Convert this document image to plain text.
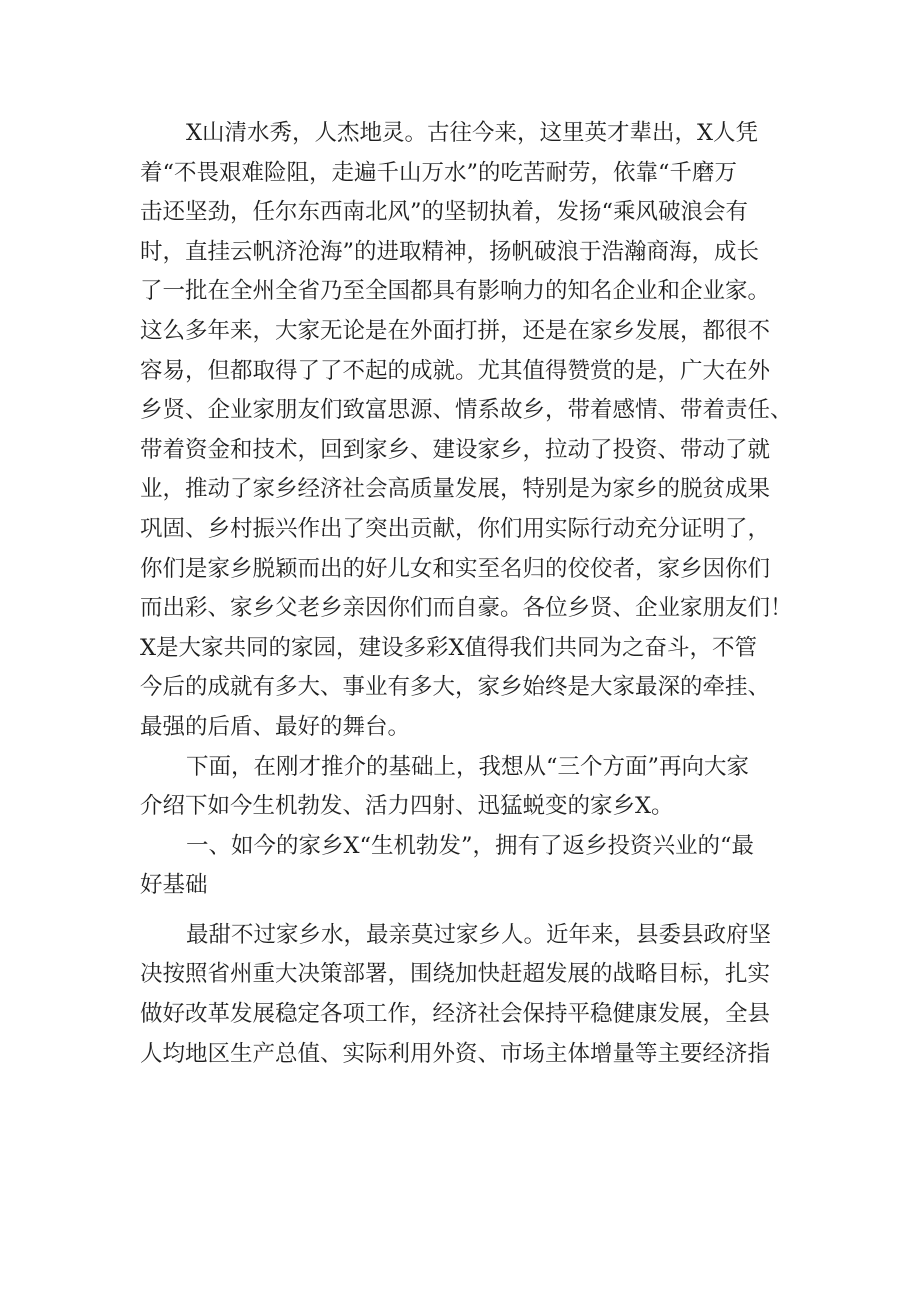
X山清水秀，人杰地灵。古往今来，这里英才辈出，X人凭
着“不畏艰难险阻，走遍千山万水”的吃苦耐劳，依靠“千磨万
击还坚劲，任尔东西南北风”的坚韧执着，发扬“乘风破浪会有
时，直挂云帆济沧海”的进取精神，扬帆破浪于浩瀚商海，成长
了一批在全州全省乃至全国都具有影响力的知名企业和企业家。
这么多年来，大家无论是在外面打拼，还是在家乡发展，都很不
容易，但都取得了了不起的成就。尤其值得赞赏的是，广大在外
乡贤、企业家朋友们致富思源、情系故乡，带着感情、带着责任、
带着资金和技术，回到家乡、建设家乡，拉动了投资、带动了就
业，推动了家乡经济社会高质量发展，特别是为家乡的脱贫成果
巩固、乡村振兴作出了突出贡献，你们用实际行动充分证明了，
你们是家乡脱颖而出的好儿女和实至名归的佼佼者，家乡因你们
而出彩、家乡父老乡亲因你们而自豪。各位乡贤、企业家朋友们！
X是大家共同的家园，建设多彩X值得我们共同为之奋斗，不管
今后的成就有多大、事业有多大，家乡始终是大家最深的牵挂、
最强的后盾、最好的舞台。
下面，在刚才推介的基础上，我想从“三个方面”再向大家
介绍下如今生机勃发、活力四射、迅猛蜕变的家乡X。
一、如今的家乡X“生机勃发”，拥有了返乡投资兴业的“最
好基础
最甜不过家乡水，最亲莫过家乡人。近年来，县委县政府坚
决按照省州重大决策部署，围绕加快赶超发展的战略目标，扎实
做好改革发展稳定各项工作，经济社会保持平稳健康发展，全县
人均地区生产总值、实际利用外资、市场主体增量等主要经济指
